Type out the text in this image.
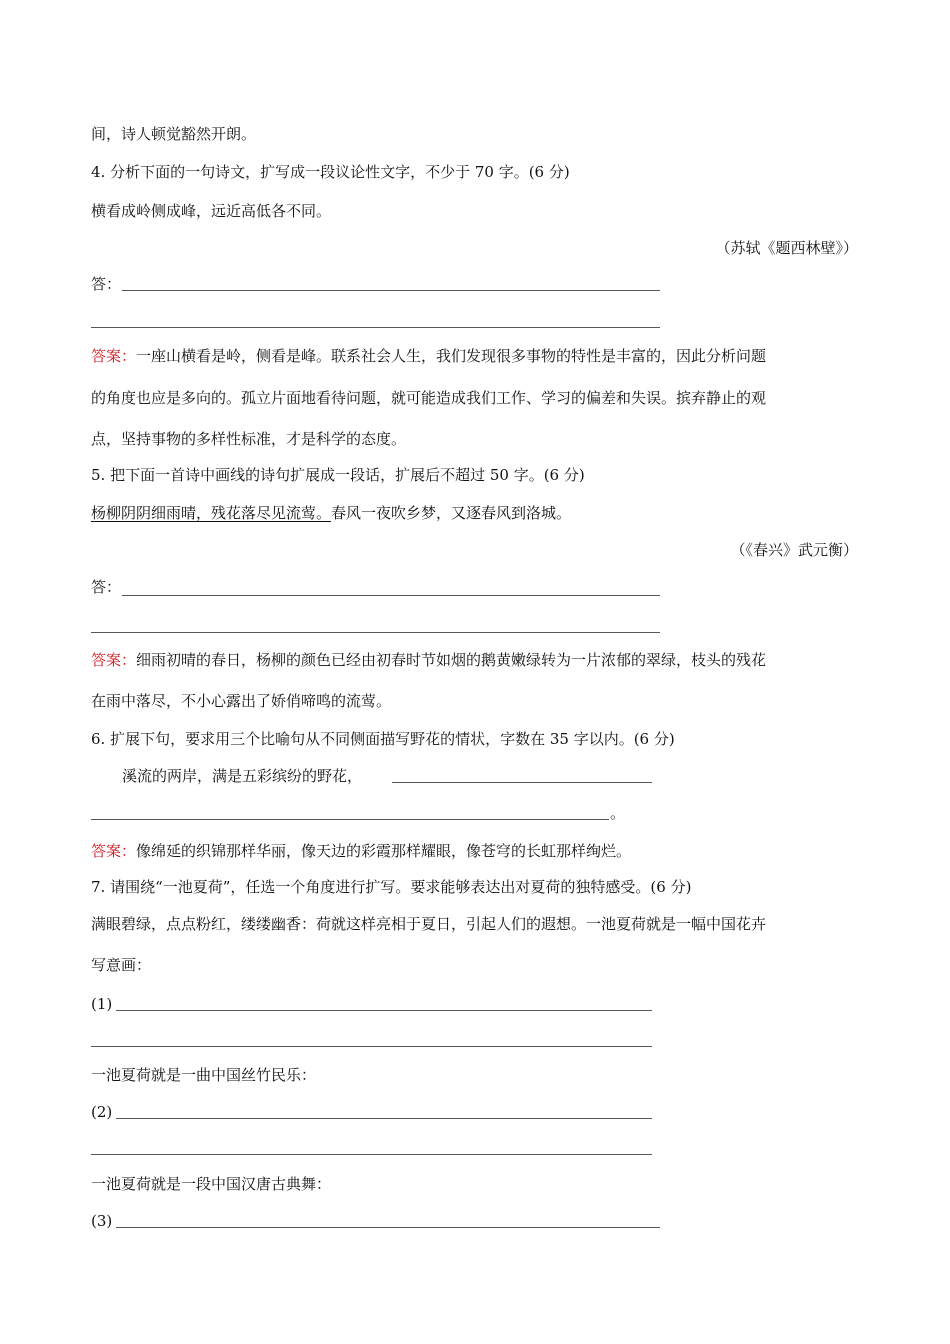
间，诗人顿觉豁然开朗。
4. 分析下面的一句诗文，扩写成一段议论性文字，不少于 70 字。(6 分)
横看成岭侧成峰，远近高低各不同。
（苏轼《题西林壁》）
答：
答案：一座山横看是岭，侧看是峰。联系社会人生，我们发现很多事物的特性是丰富的，因此分析问题
的角度也应是多向的。孤立片面地看待问题，就可能造成我们工作、学习的偏差和失误。摈弃静止的观
点，坚持事物的多样性标准，才是科学的态度。
5. 把下面一首诗中画线的诗句扩展成一段话，扩展后不超过 50 字。(6 分)
杨柳阴阴细雨晴，残花落尽见流莺。春风一夜吹乡梦，又逐春风到洛城。
（《春兴》武元衡）
答：
答案：细雨初晴的春日，杨柳的颜色已经由初春时节如烟的鹅黄嫩绿转为一片浓郁的翠绿，枝头的残花
在雨中落尽，不小心露出了娇俏啼鸣的流莺。
6. 扩展下句，要求用三个比喻句从不同侧面描写野花的情状，字数在 35 字以内。(6 分)
溪流的两岸，满是五彩缤纷的野花，
。
答案：像绵延的织锦那样华丽，像天边的彩霞那样耀眼，像苍穹的长虹那样绚烂。
7. 请围绕“一池夏荷”，任选一个角度进行扩写。要求能够表达出对夏荷的独特感受。(6 分)
满眼碧绿，点点粉红，缕缕幽香：荷就这样亮相于夏日，引起人们的遐想。一池夏荷就是一幅中国花卉
写意画：
(1)
一池夏荷就是一曲中国丝竹民乐：
(2)
一池夏荷就是一段中国汉唐古典舞：
(3)
